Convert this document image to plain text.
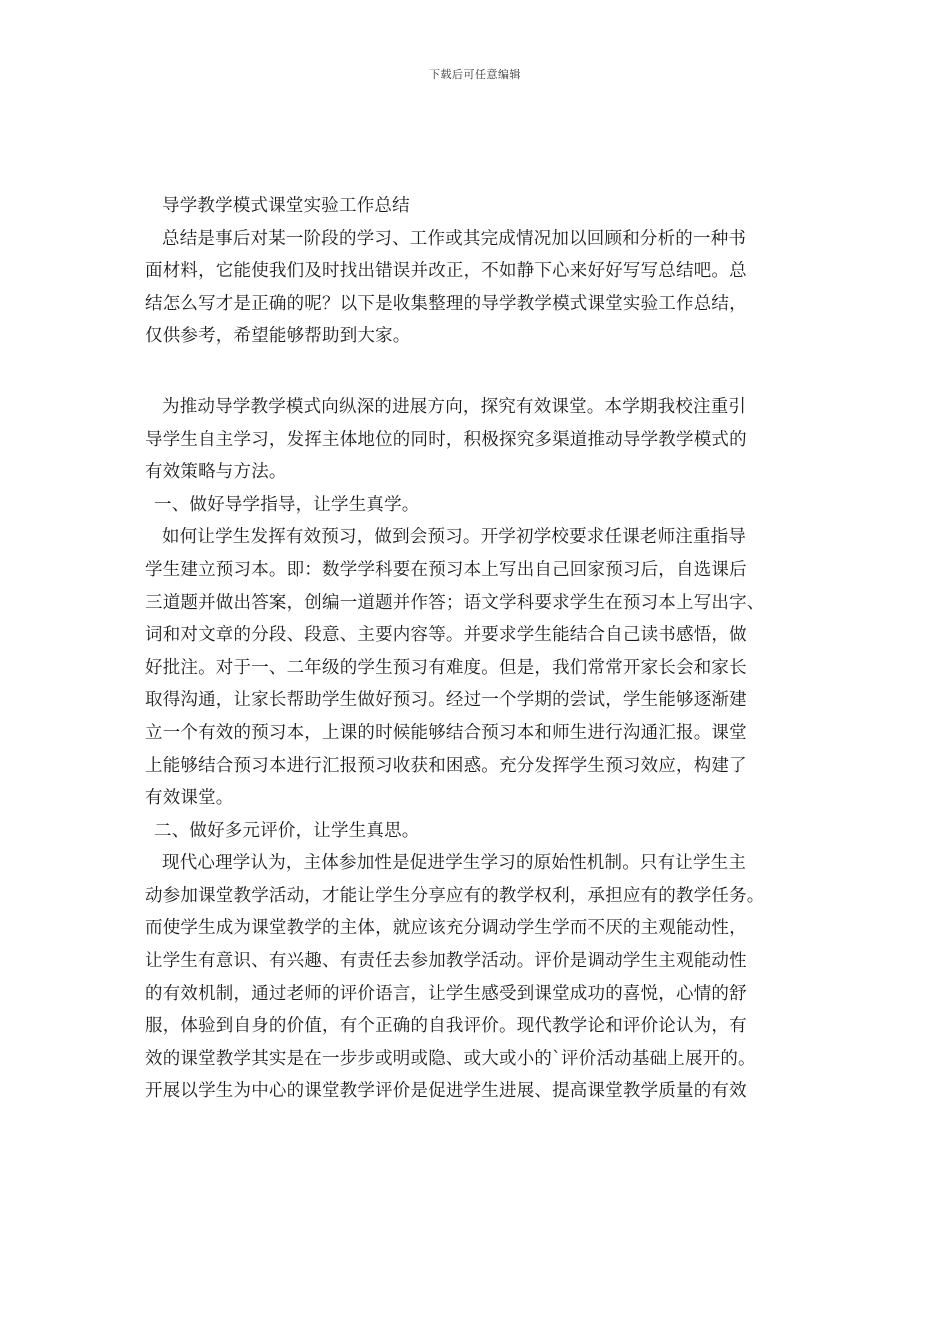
下载后可任意编辑
导学教学模式课堂实验工作总结
总结是事后对某一阶段的学习、工作或其完成情况加以回顾和分析的一种书
面材料，它能使我们及时找出错误并改正，不如静下心来好好写写总结吧。总
结怎么写才是正确的呢？以下是收集整理的导学教学模式课堂实验工作总结，
仅供参考，希望能够帮助到大家。
为推动导学教学模式向纵深的进展方向，探究有效课堂。本学期我校注重引
导学生自主学习，发挥主体地位的同时，积极探究多渠道推动导学教学模式的
有效策略与方法。
一、做好导学指导，让学生真学。
如何让学生发挥有效预习，做到会预习。开学初学校要求任课老师注重指导
学生建立预习本。即：数学学科要在预习本上写出自己回家预习后，自选课后
三道题并做出答案，创编一道题并作答；语文学科要求学生在预习本上写出字、
词和对文章的分段、段意、主要内容等。并要求学生能结合自己读书感悟，做
好批注。对于一、二年级的学生预习有难度。但是，我们常常开家长会和家长
取得沟通，让家长帮助学生做好预习。经过一个学期的尝试，学生能够逐渐建
立一个有效的预习本，上课的时候能够结合预习本和师生进行沟通汇报。课堂
上能够结合预习本进行汇报预习收获和困惑。充分发挥学生预习效应，构建了
有效课堂。
二、做好多元评价，让学生真思。
现代心理学认为，主体参加性是促进学生学习的原始性机制。只有让学生主
动参加课堂教学活动，才能让学生分享应有的教学权利，承担应有的教学任务。
而使学生成为课堂教学的主体，就应该充分调动学生学而不厌的主观能动性，
让学生有意识、有兴趣、有责任去参加教学活动。评价是调动学生主观能动性
的有效机制，通过老师的评价语言，让学生感受到课堂成功的喜悦，心情的舒
服，体验到自身的价值，有个正确的自我评价。现代教学论和评价论认为，有
效的课堂教学其实是在一步步或明或隐、或大或小的`评价活动基础上展开的。
开展以学生为中心的课堂教学评价是促进学生进展、提高课堂教学质量的有效
